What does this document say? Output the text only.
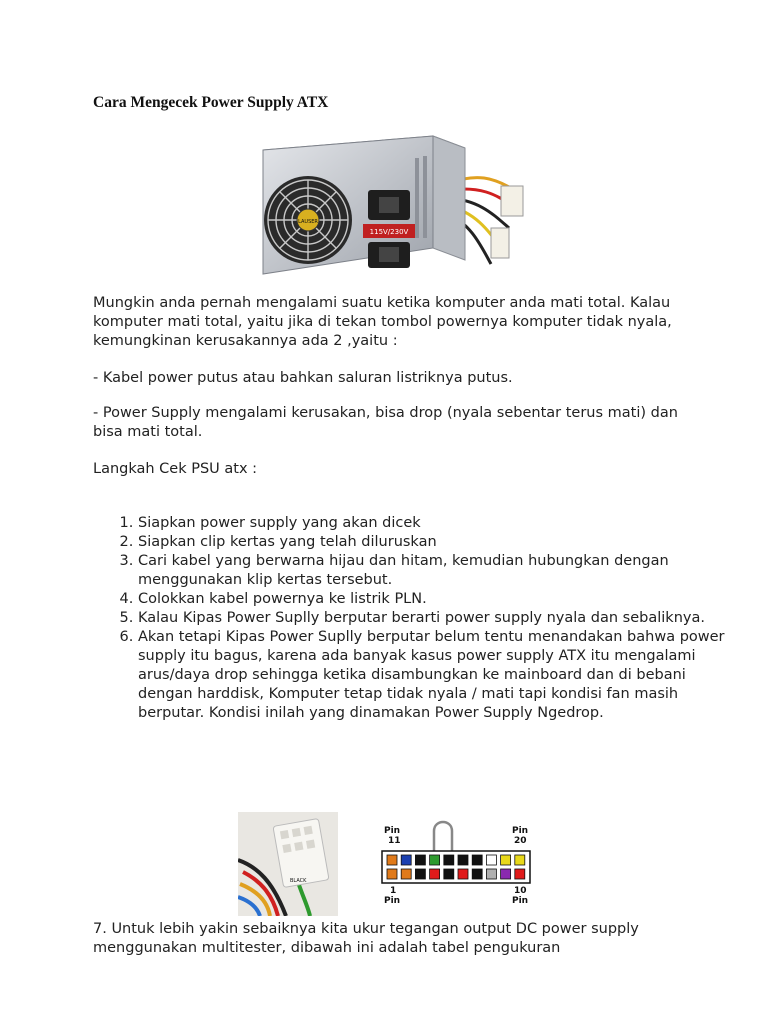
Cara Mengecek Power Supply ATX
LAUSER
115V/230V
Mungkin anda pernah mengalami suatu ketika komputer anda mati total. Kalau komputer mati total, yaitu jika di tekan tombol powernya komputer tidak nyala, kemungkinan kerusakannya ada 2 ,yaitu :
- Kabel power putus atau bahkan saluran listriknya putus.
- Power Supply mengalami kerusakan, bisa drop (nyala sebentar terus mati) dan bisa mati total.
Langkah Cek PSU atx :
1. Siapkan power supply yang akan dicek
2. Siapkan clip kertas yang telah diluruskan
3. Cari kabel yang berwarna hijau dan hitam, kemudian hubungkan dengan menggunakan klip kertas tersebut.
4. Colokkan kabel powernya ke listrik PLN.
5. Kalau Kipas Power Suplly berputar berarti power supply nyala dan sebaliknya.
6. Akan tetapi Kipas Power Suplly berputar belum tentu menandakan bahwa power supply itu bagus, karena ada banyak kasus power supply ATX itu mengalami arus/daya drop sehingga ketika disambungkan ke mainboard dan di bebani dengan harddisk, Komputer tetap tidak nyala / mati tapi kondisi fan masih berputar. Kondisi inilah yang dinamakan Power Supply Ngedrop.
BLACK
Pin 11
Pin 20
1 Pin
10 Pin
7. Untuk lebih yakin sebaiknya kita ukur tegangan output DC power supply menggunakan multitester, dibawah ini adalah tabel pengukuran
